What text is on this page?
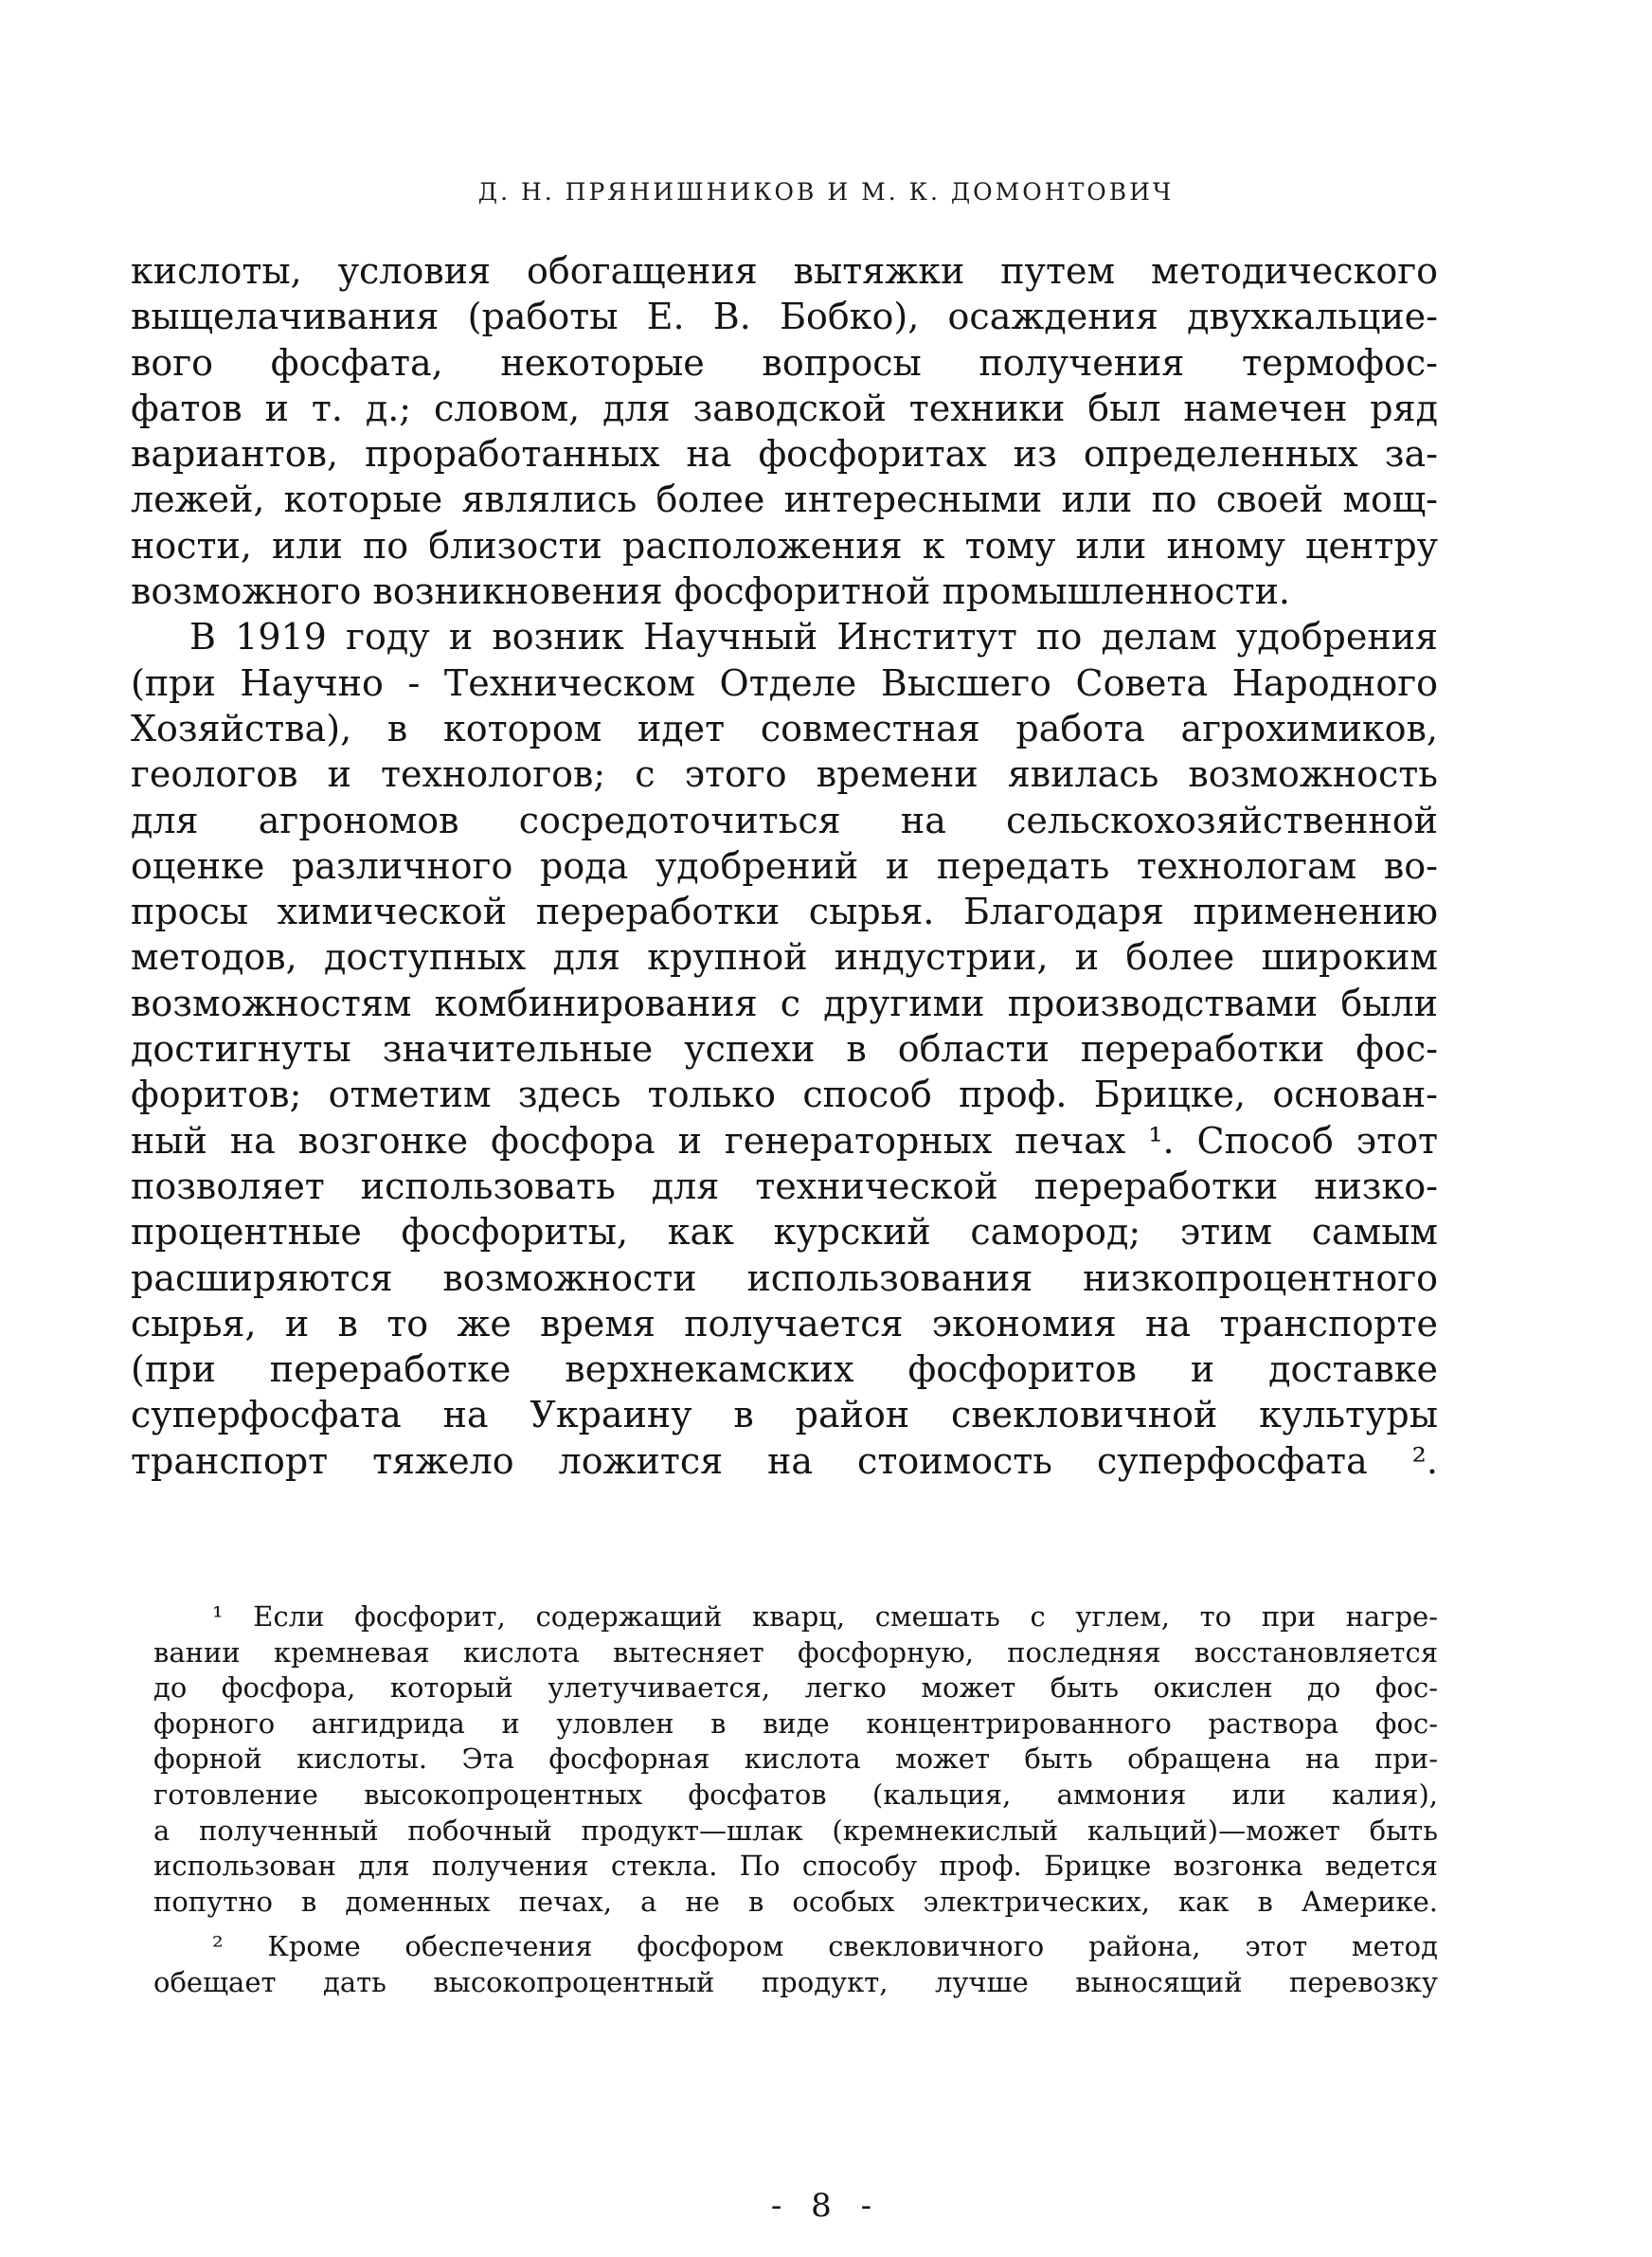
Д. Н. ПРЯНИШНИКОВ И М. К. ДОМОНТОВИЧ
кислоты, условия обогащения вытяжки путем методического
выщелачивания (работы Е. В. Бобко), осаждения двухкальцие-
вого фосфата, некоторые вопросы получения термофос-
фатов и т. д.; словом, для заводской техники был намечен ряд
вариантов, проработанных на фосфоритах из определенных за-
лежей, которые являлись более интересными или по своей мощ-
ности, или по близости расположения к тому или иному центру
возможного возникновения фосфоритной промышленности.
В 1919 году и возник Научный Институт по делам удобрения
(при Научно - Техническом Отделе Высшего Совета Народного
Хозяйства), в котором идет совместная работа агрохимиков,
геологов и технологов; с этого времени явилась возможность
для агрономов сосредоточиться на сельскохозяйственной
оценке различного рода удобрений и передать технологам во-
просы химической переработки сырья. Благодаря применению
методов, доступных для крупной индустрии, и более широким
возможностям комбинирования с другими производствами были
достигнуты значительные успехи в области переработки фос-
форитов; отметим здесь только способ проф. Брицке, основан-
ный на возгонке фосфора и генераторных печах ¹. Способ этот
позволяет использовать для технической переработки низко-
процентные фосфориты, как курский самород; этим самым
расширяются возможности использования низкопроцентного
сырья, и в то же время получается экономия на транспорте
(при переработке верхнекамских фосфоритов и доставке
суперфосфата на Украину в район свекловичной культуры
транспорт тяжело ложится на стоимость суперфосфата ².
¹ Если фосфорит, содержащий кварц, смешать с углем, то при нагре-
вании кремневая кислота вытесняет фосфорную, последняя восстановляется
до фосфора, который улетучивается, легко может быть окислен до фос-
форного ангидрида и уловлен в виде концентрированного раствора фос-
форной кислоты. Эта фосфорная кислота может быть обращена на при-
готовление высокопроцентных фосфатов (кальция, аммония или калия),
а полученный побочный продукт—шлак (кремнекислый кальций)—может быть
использован для получения стекла. По способу проф. Брицке возгонка ведется
попутно в доменных печах, а не в особых электрических, как в Америке.
² Кроме обеспечения фосфором свекловичного района, этот метод
обещает дать высокопроцентный продукт, лучше выносящий перевозку
- 8 -
